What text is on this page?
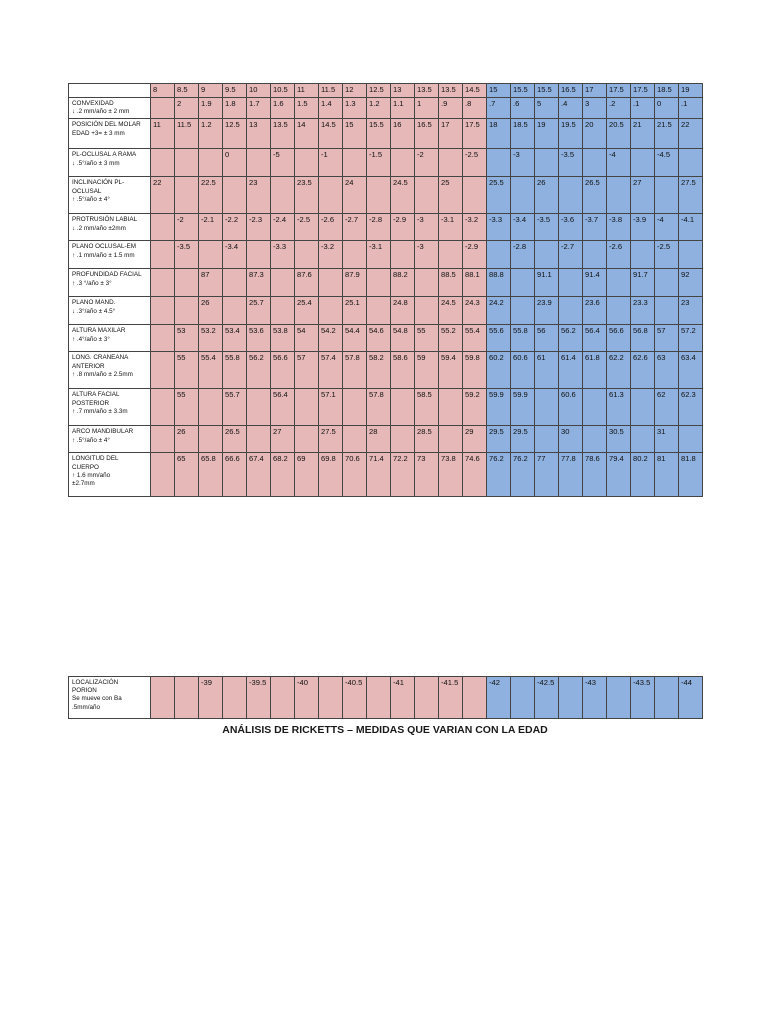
	8	8.5	9	9.5	10	10.5	11	11.5	12	12.5	13	13.5	13.5	14.5	15	15.5	15.5	16.5	17	17.5	17.5	18.5	19

CONVEXIDAD
↓ .2 mm/año ± 2 mm		2	1.9	1.8	1.7	1.6	1.5	1.4	1.3	1.2	1.1	1	.9	.8	.7	.6	5	.4	3	.2	.1	0	.1

POSICIÓN DEL MOLAR
EDAD +3= ± 3 mm	11	11.5	1.2	12.5	13	13.5	14	14.5	15	15.5	16	16.5	17	17.5	18	18.5	19	19.5	20	20.5	21	21.5	22

PL-OCLUSAL A RAMA
↓ .5°/año ± 3 mm				0		-5		-1		-1.5		-2		-2.5		-3		-3.5		-4		-4.5	

INCLINACIÓN PL-
OCLUSAL
↑ .5°/año ± 4°	22		22.5		23		23.5		24		24.5		25		25.5		26		26.5		27		27.5

PROTRUSIÓN LABIAL
↓ .2 mm/año ±2mm		-2	-2.1	-2.2	-2.3	-2.4	-2.5	-2.6	-2.7	-2.8	-2.9	-3	-3.1	-3.2	-3.3	-3.4	-3.5	-3.6	-3.7	-3.8	-3.9	-4	-4.1

PLANO OCLUSAL-EM
↑ .1 mm/año ± 1.5 mm		-3.5		-3.4		-3.3		-3.2		-3.1		-3		-2.9		-2.8		-2.7		-2.6		-2.5	

PROFUNDIDAD FACIAL
↑ .3 °/año ± 3°			87		87.3		87.6		87.9		88.2		88.5	88.1	88.8		91.1		91.4		91.7		92

PLANO MAND.
↓ .3°/año ± 4.5°			26		25.7		25.4		25.1		24.8		24.5	24.3	24.2		23.9		23.6		23.3		23

ALTURA MAXILAR
↑ .4°/año ± 3°		53	53.2	53.4	53.6	53.8	54	54.2	54.4	54.6	54.8	55	55.2	55.4	55.6	55.8	56	56.2	56.4	56.6	56.8	57	57.2

LONG. CRANEANA
ANTERIOR
↑ .8 mm/año ± 2.5mm		55	55.4	55.8	56.2	56.6	57	57.4	57.8	58.2	58.6	59	59.4	59.8	60.2	60.6	61	61.4	61.8	62.2	62.6	63	63.4

ALTURA FACIAL
POSTERIOR
↑ .7 mm/año ± 3.3m		55		55.7		56.4		57.1		57.8		58.5		59.2	59.9	59.9		60.6		61.3		62	62.3

ARCO MANDIBULAR
↑ .5°/año ± 4°		26		26.5		27		27.5		28		28.5		29	29.5	29.5		30		30.5		31	

LONGITUD DEL
CUERPO
↑ 1.6 mm/año
±2.7mm		65	65.8	66.6	67.4	68.2	69	69.8	70.6	71.4	72.2	73	73.8	74.6	76.2	76.2	77	77.8	78.6	79.4	80.2	81	81.8
LOCALIZACIÓN
PORION
Se mueve con Ba
.5mm/año
			-39		-39.5		-40		-40.5		-41		-41.5		-42		-42.5		-43		-43.5		-44
ANÁLISIS DE RICKETTS – MEDIDAS QUE VARIAN CON LA EDAD
